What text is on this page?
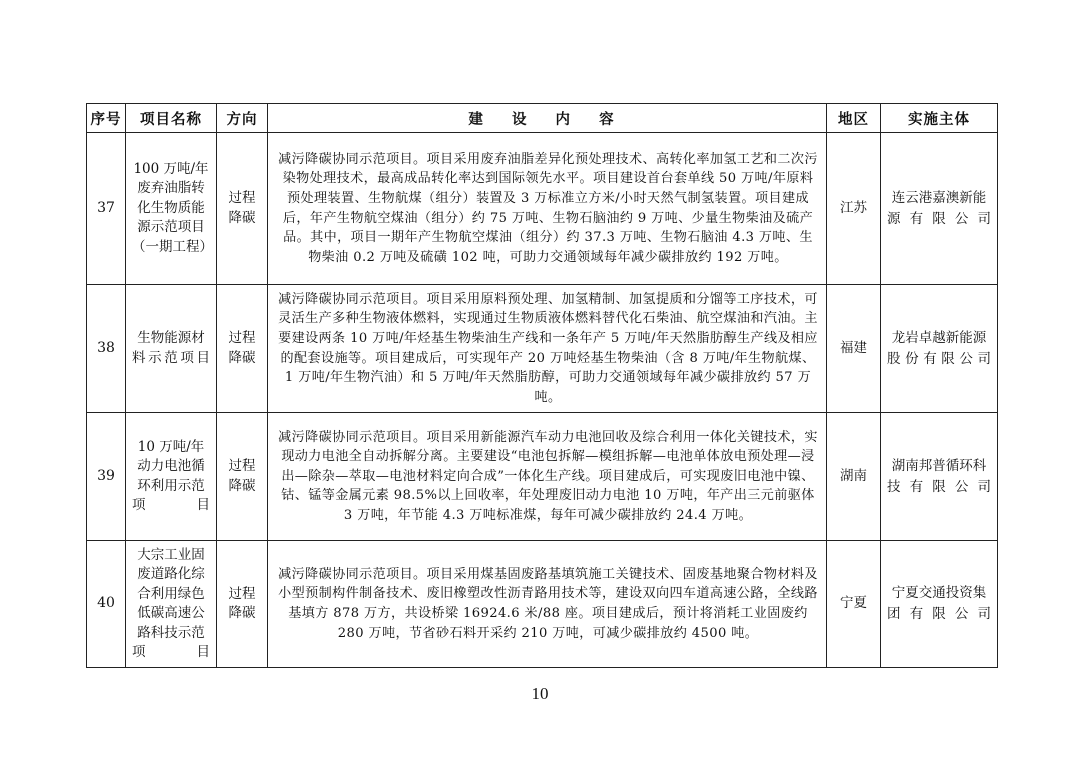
序号	项目名称	方向	建 设 内 容	地区	实施主体
37	100 万吨/年废弃油脂转化生物质能源示范项目（一期工程）	过程降碳	减污降碳协同示范项目。项目采用废弃油脂差异化预处理技术、高转化率加氢工艺和二次污染物处理技术，最高成品转化率达到国际领先水平。项目建设首台套单线 50 万吨/年原料预处理装置、生物航煤（组分）装置及 3 万标准立方米/小时天然气制氢装置。项目建成后，年产生物航空煤油（组分）约 75 万吨、生物石脑油约 9 万吨、少量生物柴油及硫产品。其中，项目一期年产生物航空煤油（组分）约 37.3 万吨、生物石脑油 4.3 万吨、生物柴油 0.2 万吨及硫磺 102 吨，可助力交通领域每年减少碳排放约 192 万吨。	江苏	连云港嘉澳新能源有限公司
38	生物能源材料示范项目	过程降碳	减污降碳协同示范项目。项目采用原料预处理、加氢精制、加氢提质和分馏等工序技术，可灵活生产多种生物液体燃料，实现通过生物质液体燃料替代化石柴油、航空煤油和汽油。主要建设两条 10 万吨/年烃基生物柴油生产线和一条年产 5 万吨/年天然脂肪醇生产线及相应的配套设施等。项目建成后，可实现年产 20 万吨烃基生物柴油（含 8 万吨/年生物航煤、1 万吨/年生物汽油）和 5 万吨/年天然脂肪醇，可助力交通领域每年减少碳排放约 57 万吨。	福建	龙岩卓越新能源股份有限公司
39	10 万吨/年动力电池循环利用示范项目	过程降碳	减污降碳协同示范项目。项目采用新能源汽车动力电池回收及综合利用一体化关键技术，实现动力电池全自动拆解分离。主要建设“电池包拆解—模组拆解—电池单体放电预处理—浸出—除杂—萃取—电池材料定向合成”一体化生产线。项目建成后，可实现废旧电池中镍、钴、锰等金属元素 98.5%以上回收率，年处理废旧动力电池 10 万吨，年产出三元前驱体 3 万吨，年节能 4.3 万吨标准煤，每年可减少碳排放约 24.4 万吨。	湖南	湖南邦普循环科技有限公司
40	大宗工业固废道路化综合利用绿色低碳高速公路科技示范项目	过程降碳	减污降碳协同示范项目。项目采用煤基固废路基填筑施工关键技术、固废基地聚合物材料及小型预制构件制备技术、废旧橡塑改性沥青路用技术等，建设双向四车道高速公路，全线路基填方 878 万方，共设桥梁 16924.6 米/88 座。项目建成后，预计将消耗工业固废约 280 万吨，节省砂石料开采约 210 万吨，可减少碳排放约 4500 吨。	宁夏	宁夏交通投资集团有限公司
10
